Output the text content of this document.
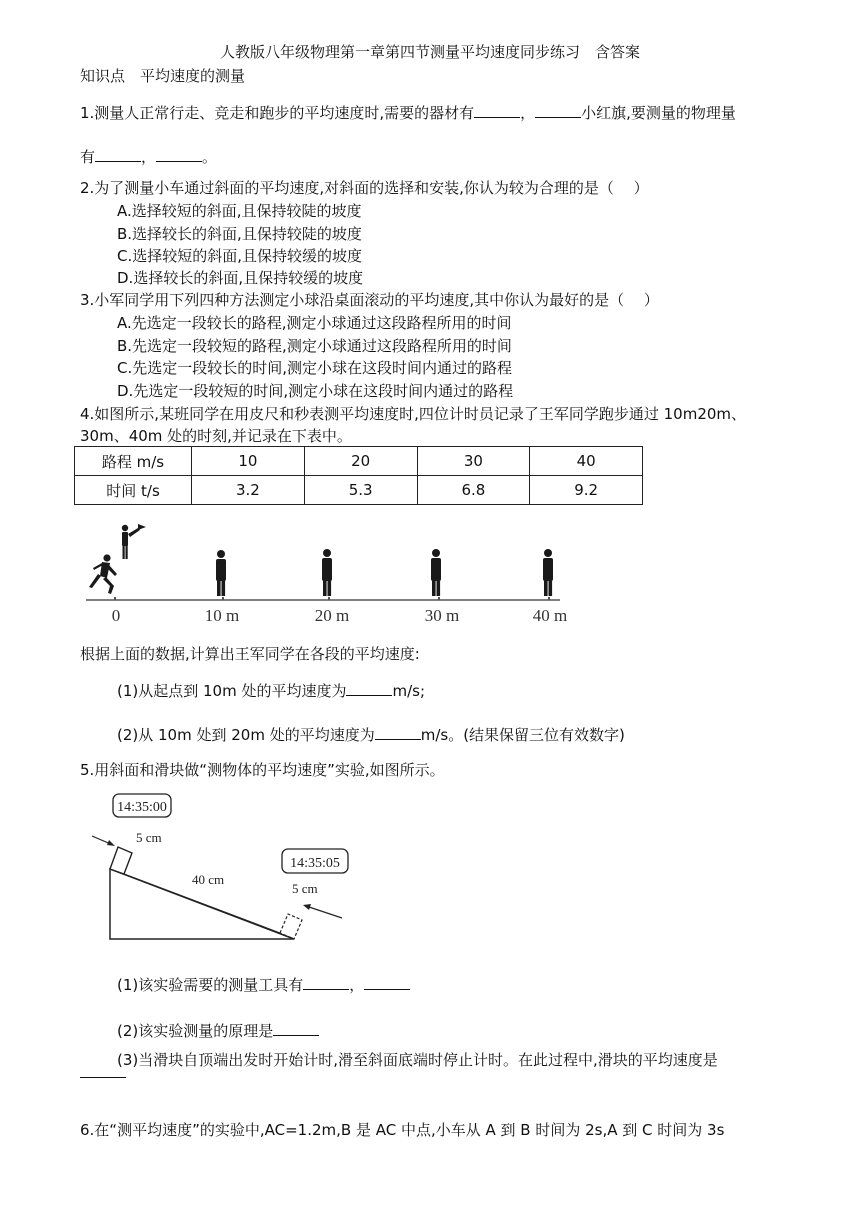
人教版八年级物理第一章第四节测量平均速度同步练习　含答案
知识点　平均速度的测量
1.测量人正常行走、竞走和跑步的平均速度时,需要的器材有	，	小红旗,要测量的物理量
有	，	。
2.为了测量小车通过斜面的平均速度,对斜面的选择和安装,你认为较为合理的是（　 ）
A.选择较短的斜面,且保持较陡的坡度
B.选择较长的斜面,且保持较陡的坡度
C.选择较短的斜面,且保持较缓的坡度
D.选择较长的斜面,且保持较缓的坡度
3.小军同学用下列四种方法测定小球沿桌面滚动的平均速度,其中你认为最好的是（　 ）
A.先选定一段较长的路程,测定小球通过这段路程所用的时间
B.先选定一段较短的路程,测定小球通过这段路程所用的时间
C.先选定一段较长的时间,测定小球在这段时间内通过的路程
D.先选定一段较短的时间,测定小球在这段时间内通过的路程
4.如图所示,某班同学在用皮尺和秒表测平均速度时,四位计时员记录了王军同学跑步通过 10m20m、
30m、40m 处的时刻,并记录在下表中。
路程 m/s	10	20	30	40
时间 t/s	3.2	5.3	6.8	9.2
0	10 m	20 m	30 m	40 m
根据上面的数据,计算出王军同学在各段的平均速度:
(1)从起点到 10m 处的平均速度为	m/s;
(2)从 10m 处到 20m 处的平均速度为	m/s。(结果保留三位有效数字)
5.用斜面和滑块做“测物体的平均速度”实验,如图所示。
14:35:00
14:35:05
5 cm
40 cm
5 cm
(1)该实验需要的测量工具有	，
(2)该实验测量的原理是
(3)当滑块自顶端出发时开始计时,滑至斜面底端时停止计时。在此过程中,滑块的平均速度是
6.在“测平均速度”的实验中,AC=1.2m,B 是 AC 中点,小车从 A 到 B 时间为 2s,A 到 C 时间为 3s
